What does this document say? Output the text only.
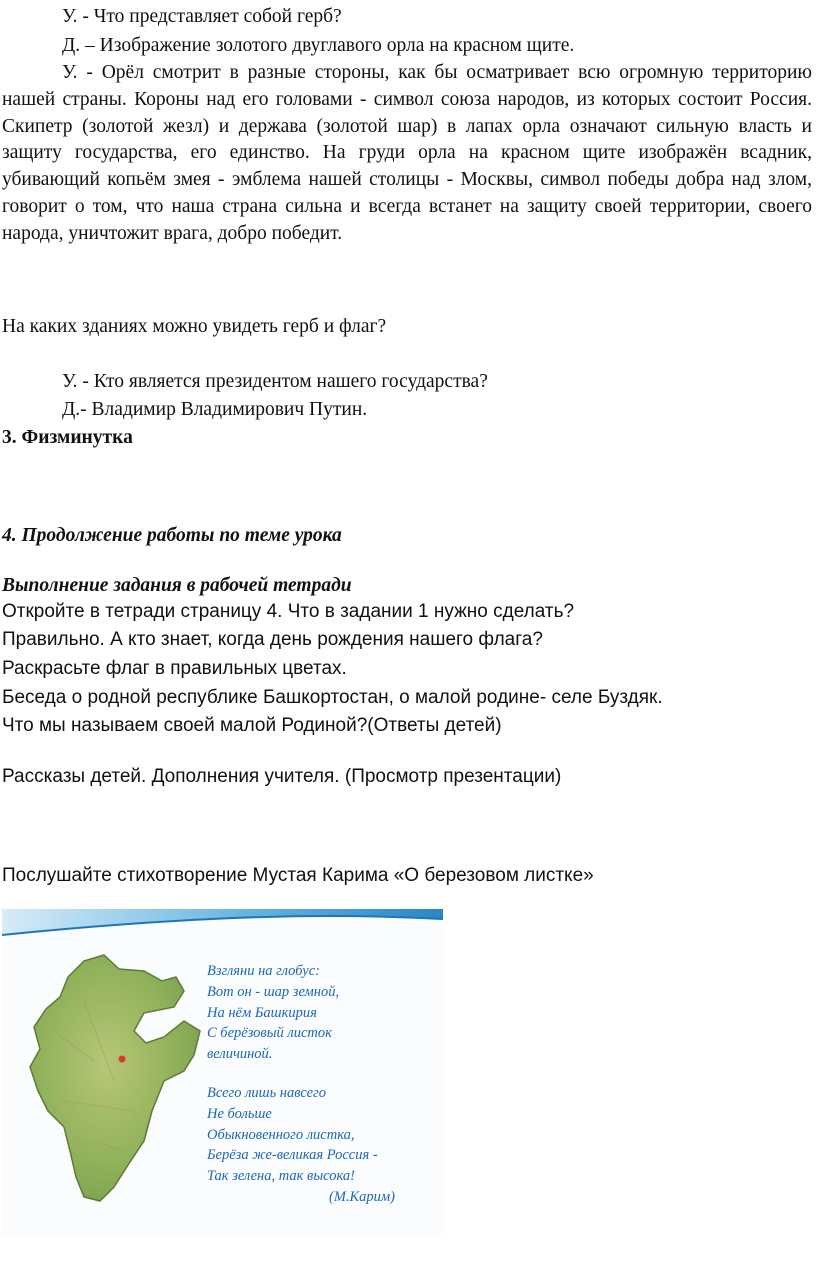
У. - Что представляет собой герб?
Д. – Изображение золотого двуглавого орла на красном щите.
У. - Орёл смотрит в разные стороны, как бы осматривает всю огромную территорию нашей страны. Короны над его головами - символ союза народов, из которых состоит Россия. Скипетр (золотой жезл) и держава (золотой шар) в лапах орла означают сильную власть и защиту государства, его единство. На груди орла на красном щите изображён всадник, убивающий копьём змея - эмблема нашей столицы - Москвы, символ победы добра над злом, говорит о том, что наша страна сильна и всегда встанет на защиту своей территории, своего народа, уничтожит врага, добро победит.
На каких зданиях можно увидеть герб и флаг?
У. - Кто является президентом нашего государства?
Д.- Владимир Владимирович Путин.
3. Физминутка
4. Продолжение работы по теме урока
Выполнение задания в рабочей тетради
Откройте в тетради страницу 4. Что в задании 1 нужно сделать?
Правильно. А кто знает, когда день рождения нашего флага?
Раскрасьте флаг в правильных цветах.
Беседа о родной республике Башкортостан, о малой родине- селе Буздяк.
Что мы называем своей малой Родиной?(Ответы детей)
Рассказы детей. Дополнения учителя. (Просмотр презентации)
Послушайте стихотворение Мустая Карима «О березовом листке»
Взгляни на глобус:
Вот он - шар земной,
На нём Башкирия
С берёзовый листок
величиной.
Всего лишь навсего
Не больше
Обыкновенного листка,
Берёза же-великая Россия -
Так зелена, так высока!
(М.Карим)
